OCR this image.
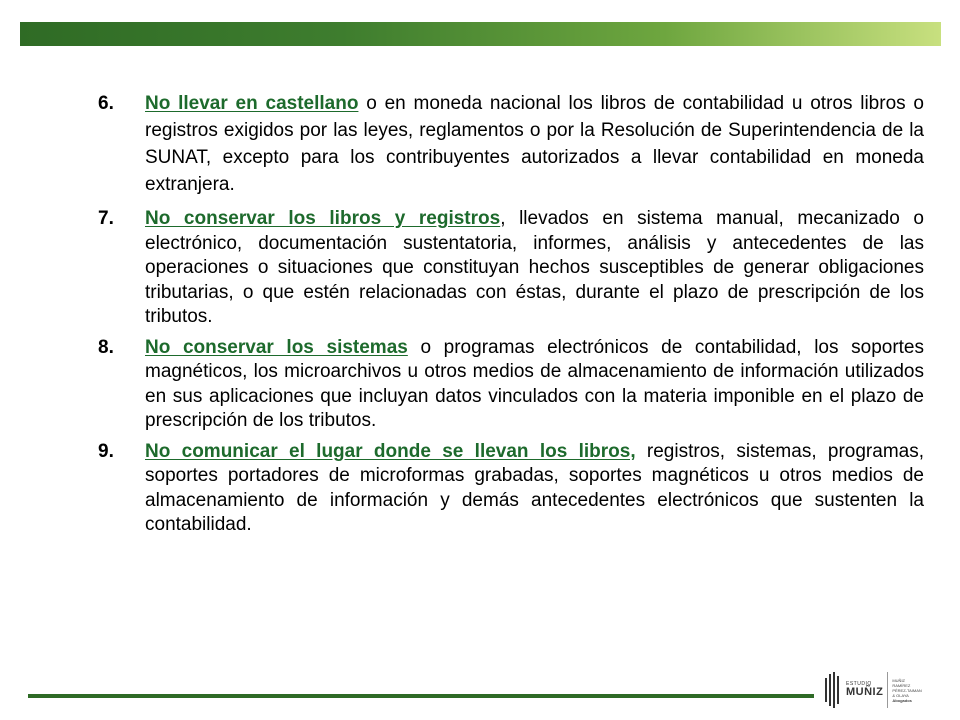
6. No llevar en castellano o en moneda nacional los libros de contabilidad u otros libros o registros exigidos por las leyes, reglamentos o por la Resolución de Superintendencia de la SUNAT, excepto para los contribuyentes autorizados a llevar contabilidad en moneda extranjera.
7. No conservar los libros y registros, llevados en sistema manual, mecanizado o electrónico, documentación sustentatoria, informes, análisis y antecedentes de las operaciones o situaciones que constituyan hechos susceptibles de generar obligaciones tributarias, o que estén relacionadas con éstas, durante el plazo de prescripción de los tributos.
8. No conservar los sistemas o programas electrónicos de contabilidad, los soportes magnéticos, los microarchivos u otros medios de almacenamiento de información utilizados en sus aplicaciones que incluyan datos vinculados con la materia imponible en el plazo de prescripción de los tributos.
9. No comunicar el lugar donde se llevan los libros, registros, sistemas, programas, soportes portadores de microformas grabadas, soportes magnéticos u otros medios de almacenamiento de información y demás antecedentes electrónicos que sustenten la contabilidad.
ESTUDIO
MUÑIZ
MUÑIZ
RAMÍREZ
PÉREZ-TAIMAN
& OLAYA
Abogados
